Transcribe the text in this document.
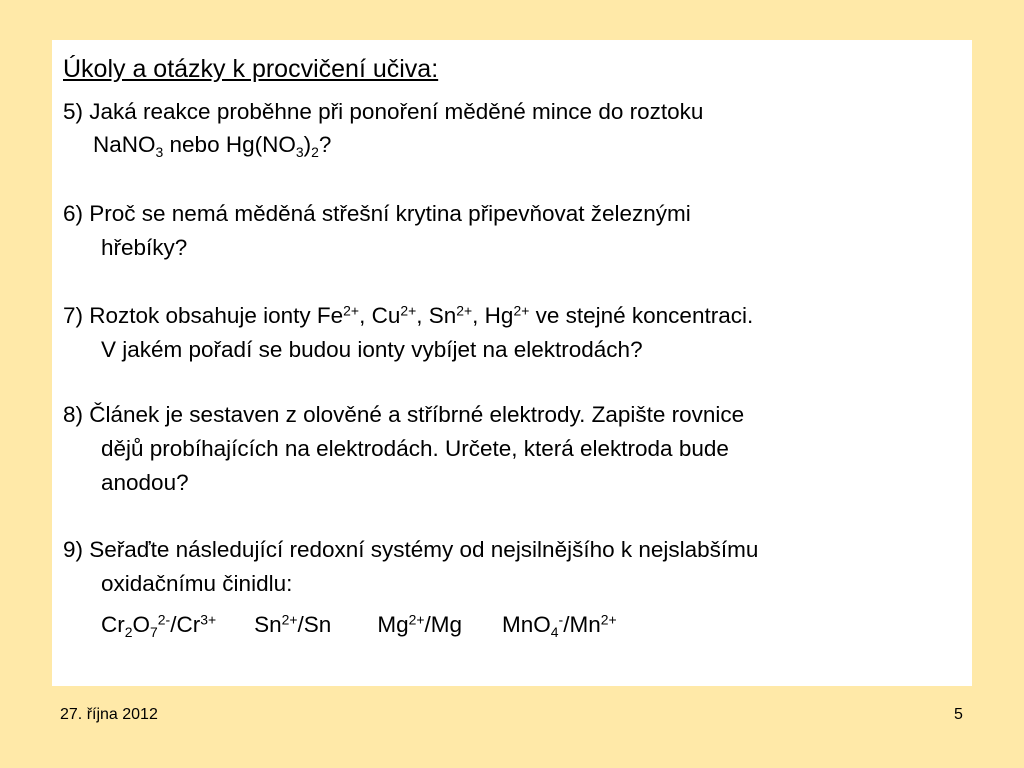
Úkoly a otázky k procvičení učiva:
5) Jaká reakce proběhne při ponoření měděné mince do roztoku
NaNO$_3$ nebo $Hg(NO_3)_2$?
6) Proč se nemá měděná střešní krytina připevňovat železnými
hřebíky?
7) Roztok obsahuje ionty $Fe^{2+}$, $Cu^{2+}$, $Sn^{2+}$, $Hg^{2+}$ ve stejné koncentraci.
V jakém pořadí se budou ionty vybíjet na elektrodách?
8) Článek je sestaven z olověné a stříbrné elektrody. Zapište rovnice
dějů probíhajících na elektrodách. Určete, která elektroda bude
anodou?
9) Seřaďte následující redoxní systémy od nejsilnějšího k nejslabšímu
oxidačnímu činidlu:
$Cr_2O_7^{2-}/Cr^{3+}$ $Sn^{2+}/Sn$ $Mg^{2+}/Mg$ $MnO_4^-/Mn^{2+}$
27. října 2012	5
